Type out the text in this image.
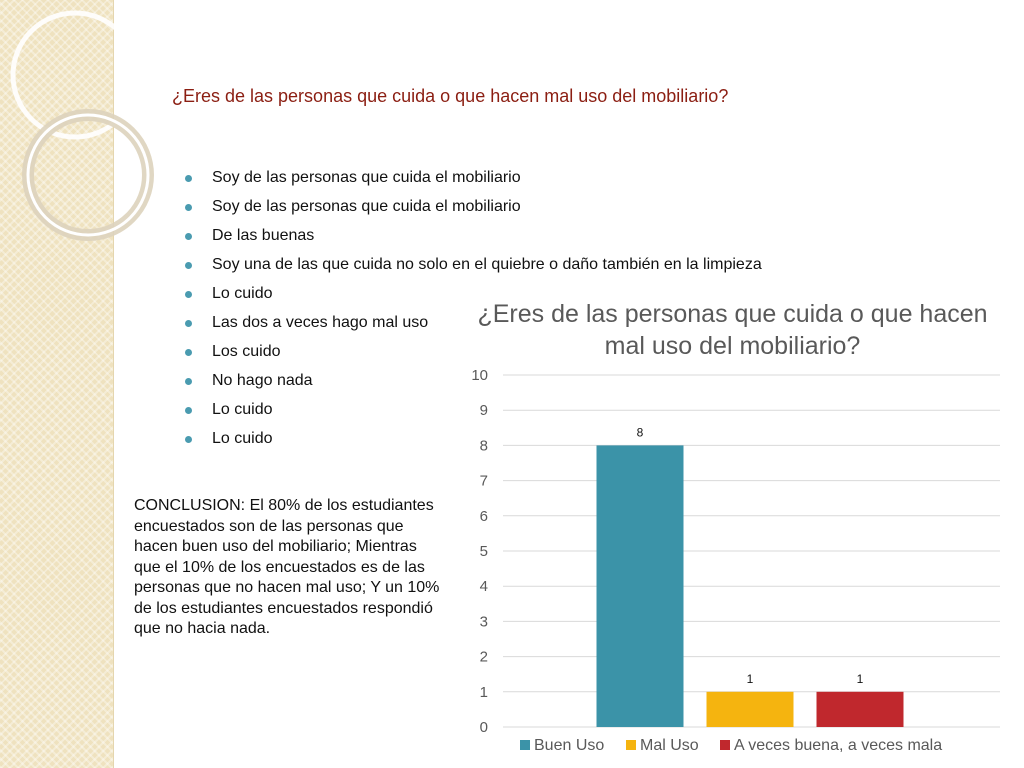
¿Eres de las personas que cuida o que hacen mal uso del mobiliario?
Soy de las personas que cuida el mobiliario
Soy de las personas que cuida el mobiliario
De las buenas
Soy una de las que cuida no solo en el quiebre o daño también en la limpieza
Lo cuido
Las dos a veces hago mal uso
Los cuido
No hago nada
Lo cuido
Lo cuido
CONCLUSION: El 80% de los estudiantes encuestados son de las personas que hacen buen uso del mobiliario; Mientras que el 10% de los encuestados es de las personas que no hacen mal uso; Y un 10% de los estudiantes encuestados respondió que no hacia nada.
¿Eres de las personas que cuida o que hacen mal uso del mobiliario?
0
1
2
3
4
5
6
7
8
9
10
8
1	1
Buen Uso Mal Uso A veces buena, a veces mala
